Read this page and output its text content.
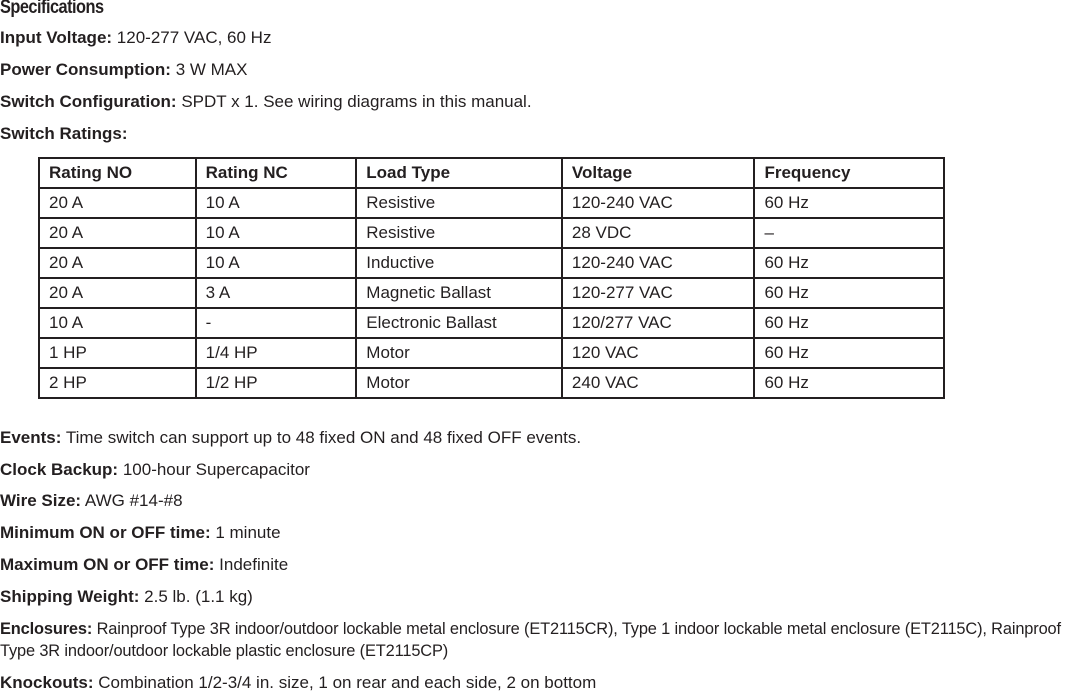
Specifications
Input Voltage: 120-277 VAC, 60 Hz
Power Consumption: 3 W MAX
Switch Configuration: SPDT x 1. See wiring diagrams in this manual.
Switch Ratings:
Rating NO	Rating NC	Load Type	Voltage	Frequency
20 A	10 A	Resistive	120-240 VAC	60 Hz
20 A	10 A	Resistive	28 VDC	–
20 A	10 A	Inductive	120-240 VAC	60 Hz
20 A	3 A	Magnetic Ballast	120-277 VAC	60 Hz
10 A	-	Electronic Ballast	120/277 VAC	60 Hz
1 HP	1/4 HP	Motor	120 VAC	60 Hz
2 HP	1/2 HP	Motor	240 VAC	60 Hz
Events: Time switch can support up to 48 fixed ON and 48 fixed OFF events.
Clock Backup: 100-hour Supercapacitor
Wire Size: AWG #14-#8
Minimum ON or OFF time: 1 minute
Maximum ON or OFF time: Indefinite
Shipping Weight: 2.5 lb. (1.1 kg)
Enclosures: Rainproof Type 3R indoor/outdoor lockable metal enclosure (ET2115CR), Type 1 indoor lockable metal enclosure (ET2115C), Rainproof Type 3R indoor/outdoor lockable plastic enclosure (ET2115CP)
Knockouts: Combination 1/2-3/4 in. size, 1 on rear and each side, 2 on bottom
